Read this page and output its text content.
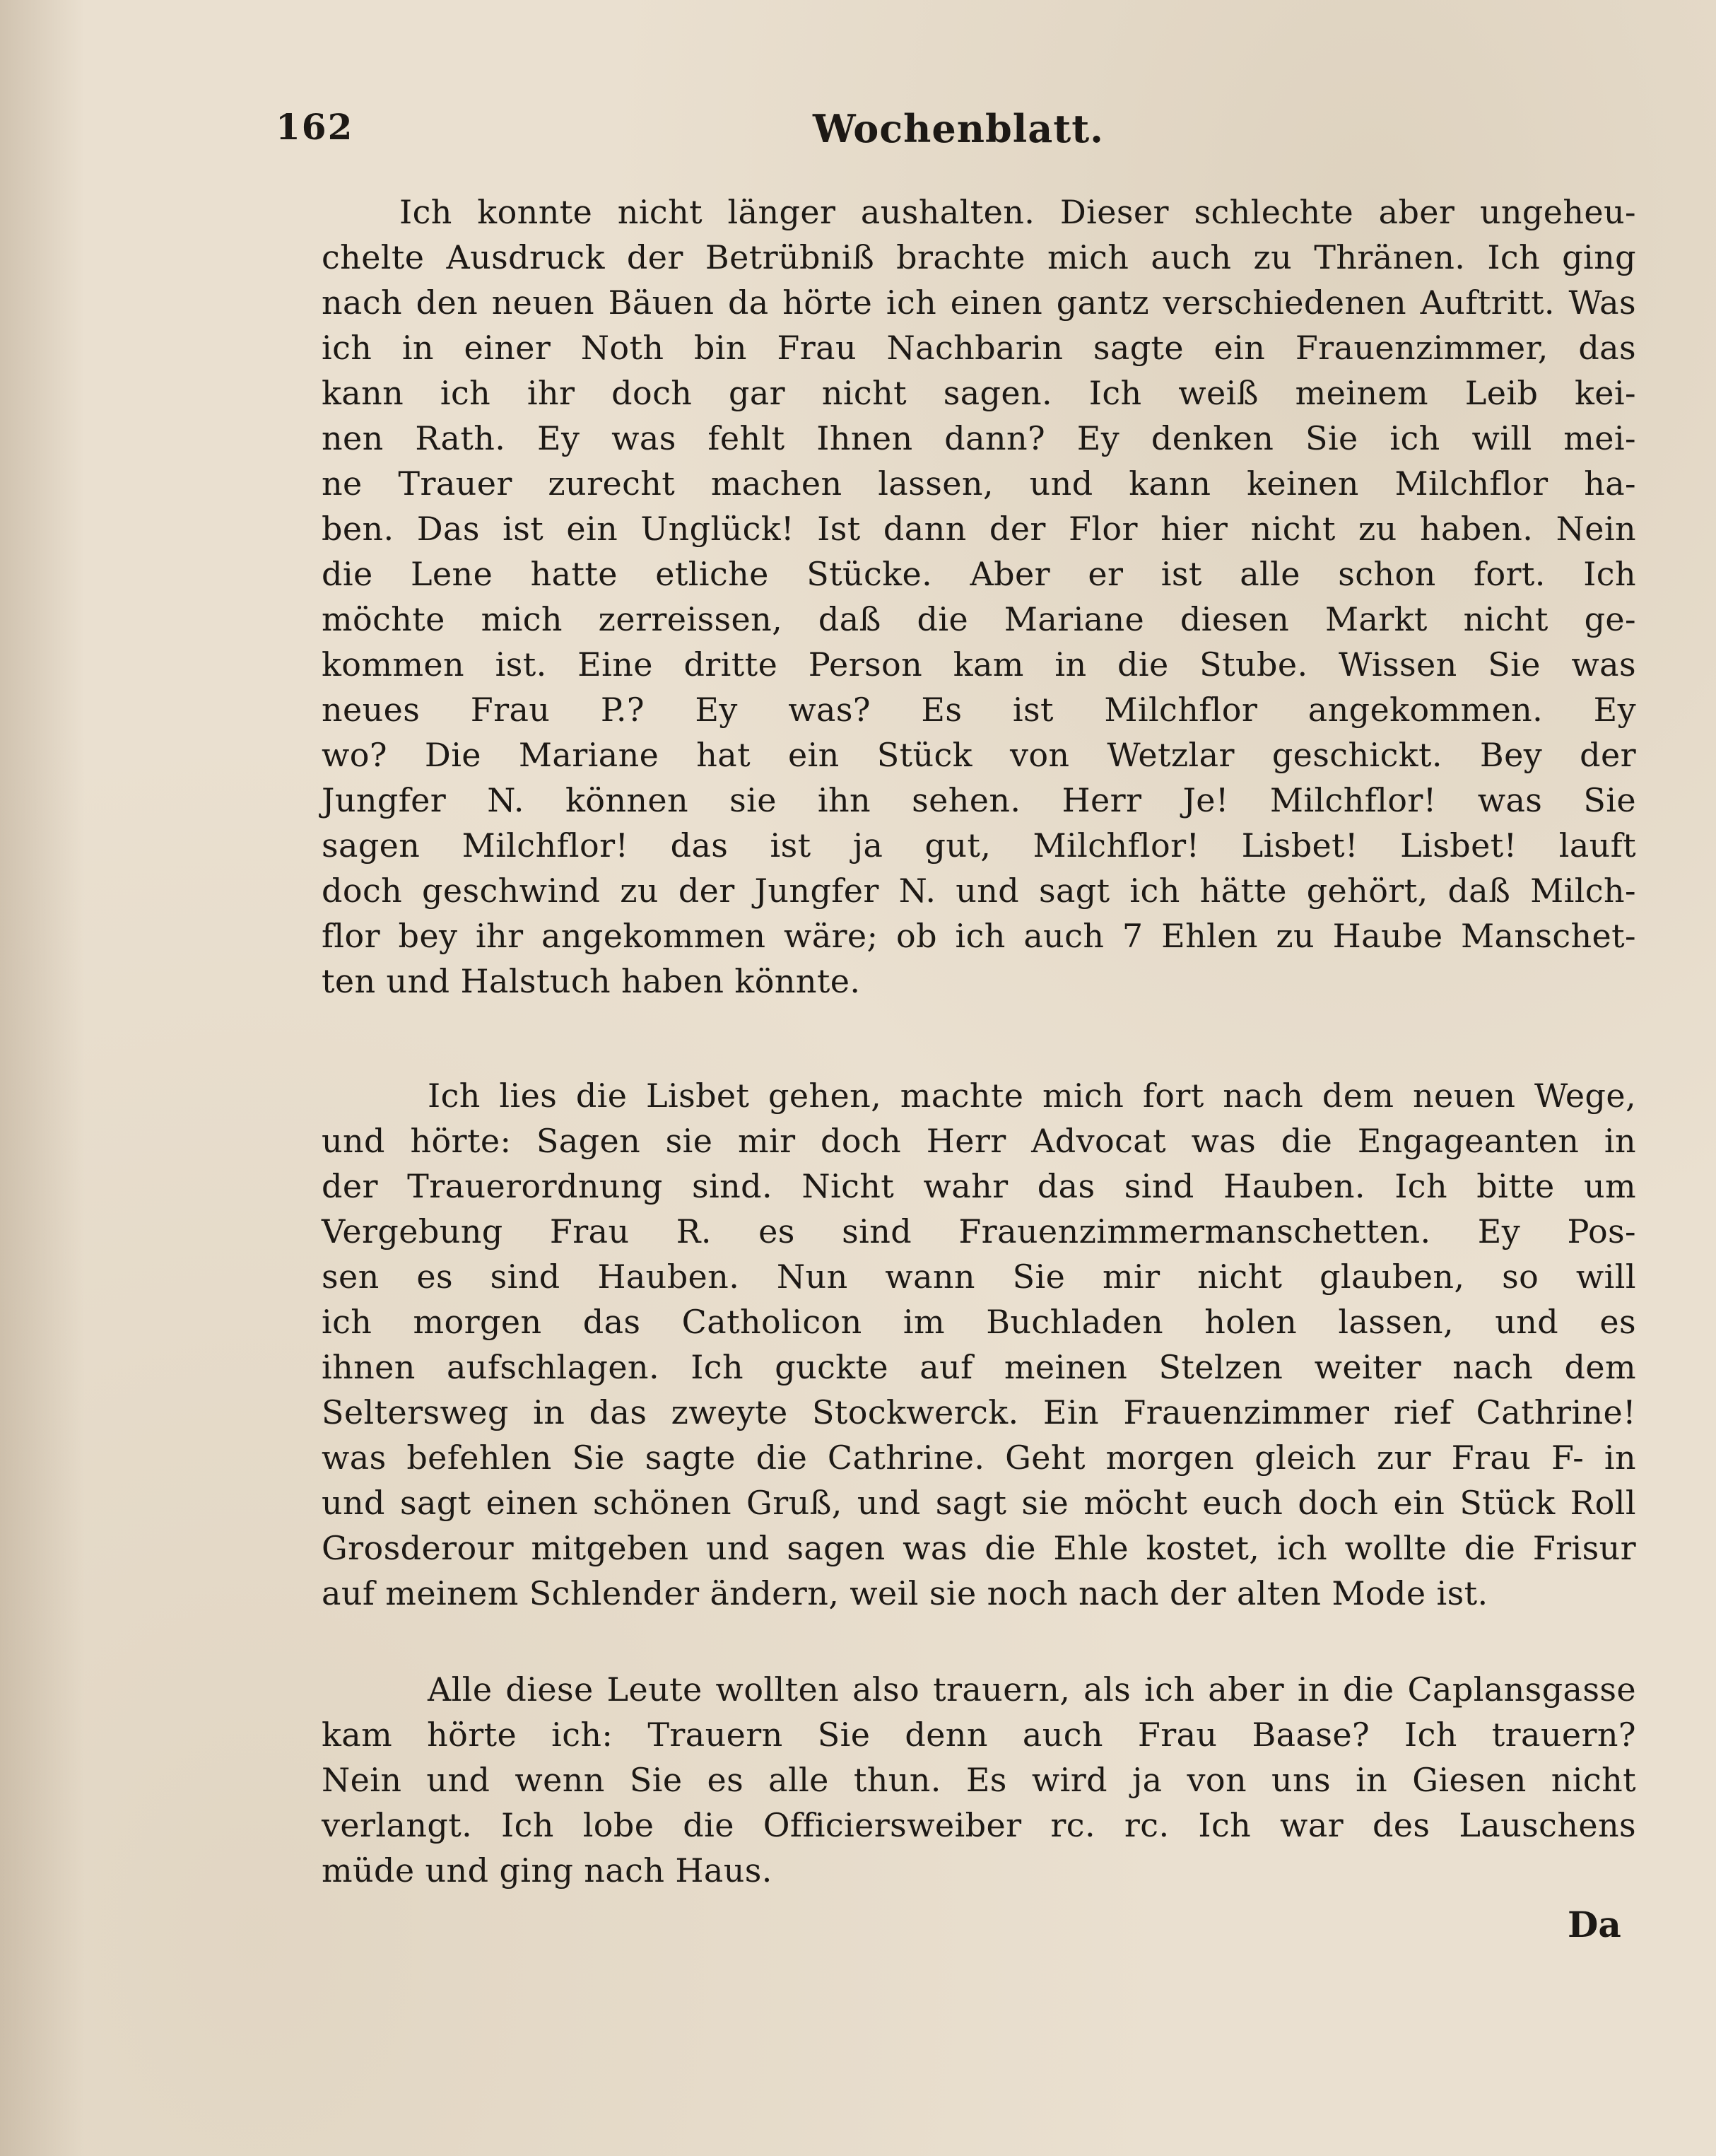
162	Wochenblatt.

Ich konnte nicht länger aushalten. Dieser schlechte aber ungeheu-
chelte Ausdruck der Betrübniß brachte mich auch zu Thränen. Ich ging
nach den neuen Bäuen da hörte ich einen gantz verschiedenen Auftritt. Was
ich in einer Noth bin Frau Nachbarin sagte ein Frauenzimmer, das
kann ich ihr doch gar nicht sagen. Ich weiß meinem Leib kei-
nen Rath. Ey was fehlt Ihnen dann? Ey denken Sie ich will mei-
ne Trauer zurecht machen lassen, und kann keinen Milchflor ha-
ben. Das ist ein Unglück! Ist dann der Flor hier nicht zu haben. Nein
die Lene hatte etliche Stücke. Aber er ist alle schon fort. Ich
möchte mich zerreissen, daß die Mariane diesen Markt nicht ge-
kommen ist. Eine dritte Person kam in die Stube. Wissen Sie was
neues Frau P.? Ey was? Es ist Milchflor angekommen. Ey
wo? Die Mariane hat ein Stück von Wetzlar geschickt. Bey der
Jungfer N. können sie ihn sehen. Herr Je! Milchflor! was Sie
sagen Milchflor! das ist ja gut, Milchflor! Lisbet! Lisbet! lauft
doch geschwind zu der Jungfer N. und sagt ich hätte gehört, daß Milch-
flor bey ihr angekommen wäre; ob ich auch 7 Ehlen zu Haube Manschet-
ten und Halstuch haben könnte.

Ich lies die Lisbet gehen, machte mich fort nach dem neuen Wege,
und hörte: Sagen sie mir doch Herr Advocat was die Engageanten in
der Trauerordnung sind. Nicht wahr das sind Hauben. Ich bitte um
Vergebung Frau R. es sind Frauenzimmermanschetten. Ey Pos-
sen es sind Hauben. Nun wann Sie mir nicht glauben, so will
ich morgen das Catholicon im Buchladen holen lassen, und es
ihnen aufschlagen. Ich guckte auf meinen Stelzen weiter nach dem
Seltersweg in das zweyte Stockwerck. Ein Frauenzimmer rief Cathrine!
was befehlen Sie sagte die Cathrine. Geht morgen gleich zur Frau F- in
und sagt einen schönen Gruß, und sagt sie möcht euch doch ein Stück Roll
Grosderour mitgeben und sagen was die Ehle kostet, ich wollte die Frisur
auf meinem Schlender ändern, weil sie noch nach der alten Mode ist.

Alle diese Leute wollten also trauern, als ich aber in die Caplansgasse
kam hörte ich: Trauern Sie denn auch Frau Baase? Ich trauern?
Nein und wenn Sie es alle thun. Es wird ja von uns in Giesen nicht
verlangt. Ich lobe die Officiersweiber rc. rc. Ich war des Lauschens
müde und ging nach Haus.

Da
